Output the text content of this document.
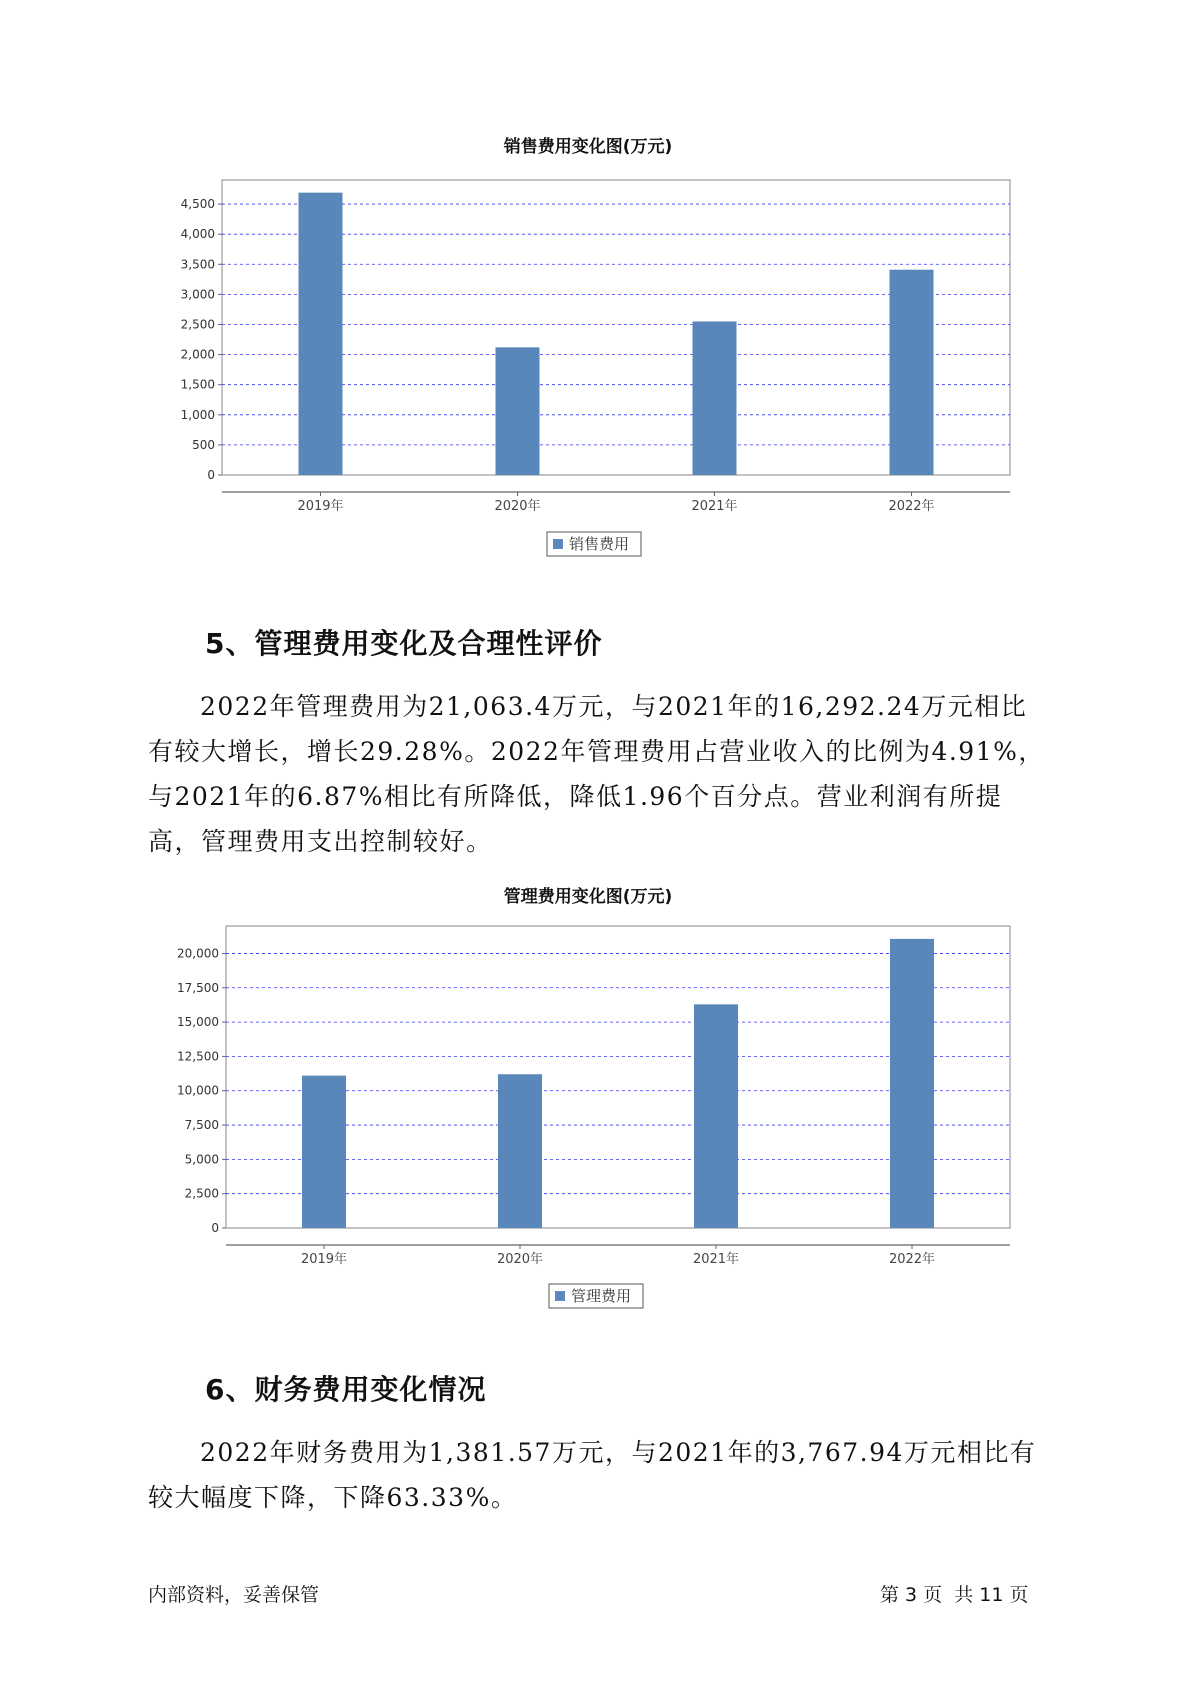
销售费用变化图(万元)
0
500
1,000
1,500
2,000
2,500
3,000
3,500
4,000
4,500
2019年	2020年	2021年	2022年
销售费用
5、管理费用变化及合理性评价
2022年管理费用为21,063.4万元，与2021年的16,292.24万元相比有较大增长，增长29.28%。2022年管理费用占营业收入的比例为4.91%，与2021年的6.87%相比有所降低，降低1.96个百分点。营业利润有所提高，管理费用支出控制较好。
管理费用变化图(万元)
0
2,500
5,000
7,500
10,000
12,500
15,000
17,500
20,000
2019年	2020年	2021年	2022年
管理费用
6、财务费用变化情况
2022年财务费用为1,381.57万元，与2021年的3,767.94万元相比有较大幅度下降，下降63.33%。
内部资料，妥善保管	第 3 页  共 11 页
